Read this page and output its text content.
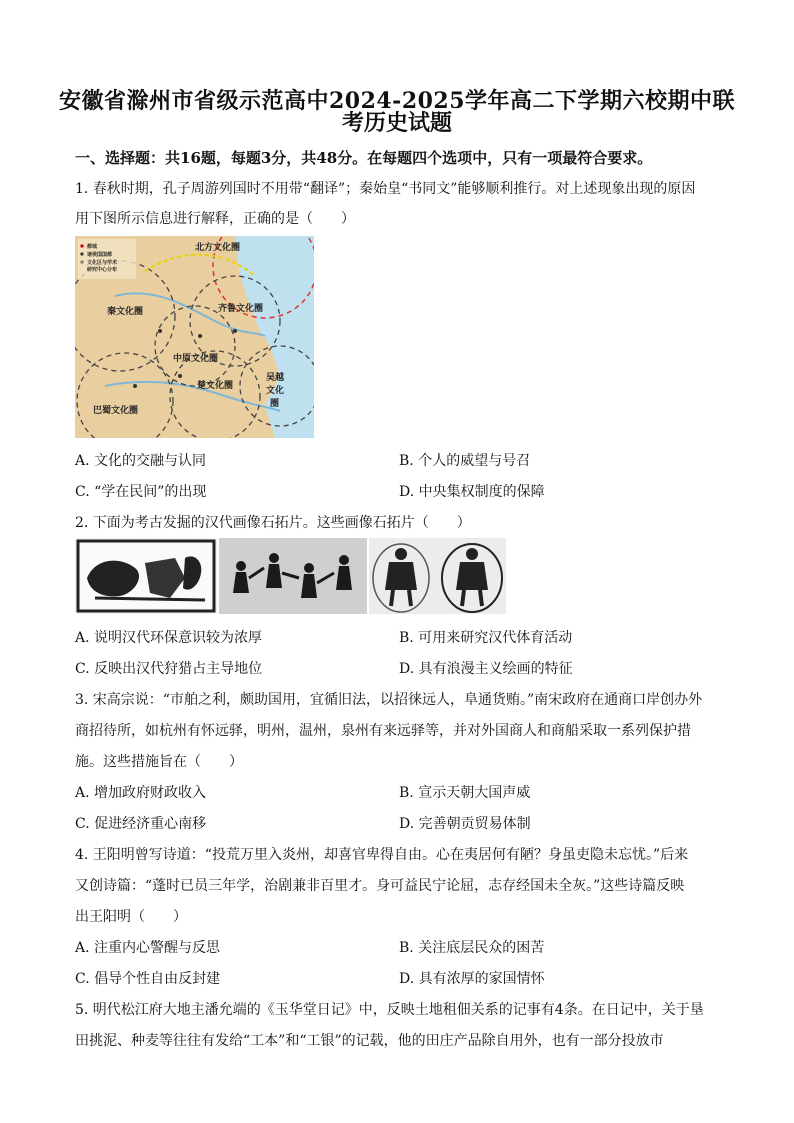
安徽省滁州市省级示范高中2024-2025学年高二下学期六校期中联
考历史试题
一、选择题：共16题，每题3分，共48分。在每题四个选项中，只有一项最符合要求。
1. 春秋时期，孔子周游列国时不用带“翻译”；秦始皇“书同文”能够顺利推行。对上述现象出现的原因
用下图所示信息进行解释，正确的是（　　）
都城
诸侯国国都
文化区与学术
研究中心分布
北方文化圈
秦文化圈	齐鲁文化圈
中原文化圈
楚文化圈
吴越
文化
圈
巴蜀文化圈
A. 文化的交融与认同	B. 个人的威望与号召
C. “学在民间”的出现	D. 中央集权制度的保障
2. 下面为考古发掘的汉代画像石拓片。这些画像石拓片（　　）
A. 说明汉代环保意识较为浓厚	B. 可用来研究汉代体育活动
C. 反映出汉代狩猎占主导地位	D. 具有浪漫主义绘画的特征
3. 宋高宗说：“市舶之利，颇助国用，宜循旧法，以招徕远人，阜通货贿。”南宋政府在通商口岸创办外
商招待所，如杭州有怀远驿，明州，温州，泉州有来远驿等，并对外国商人和商船采取一系列保护措
施。这些措施旨在（　　）
A. 增加政府财政收入	B. 宣示天朝大国声威
C. 促进经济重心南移	D. 完善朝贡贸易体制
4. 王阳明曾写诗道：“投荒万里入炎州，却喜官卑得自由。心在夷居何有陋？身虽吏隐未忘忧。”后来
又创诗篇：“蓬时已员三年学，治剧兼非百里才。身可益民宁论屈，志存经国未全灰。”这些诗篇反映
出王阳明（　　）
A. 注重内心警醒与反思	B. 关注底层民众的困苦
C. 倡导个性自由反封建	D. 具有浓厚的家国情怀
5. 明代松江府大地主潘允端的《玉华堂日记》中，反映土地租佃关系的记事有4条。在日记中，关于垦
田挑泥、种麦等往往有发给“工本”和“工银”的记载，他的田庄产品除自用外，也有一部分投放市
